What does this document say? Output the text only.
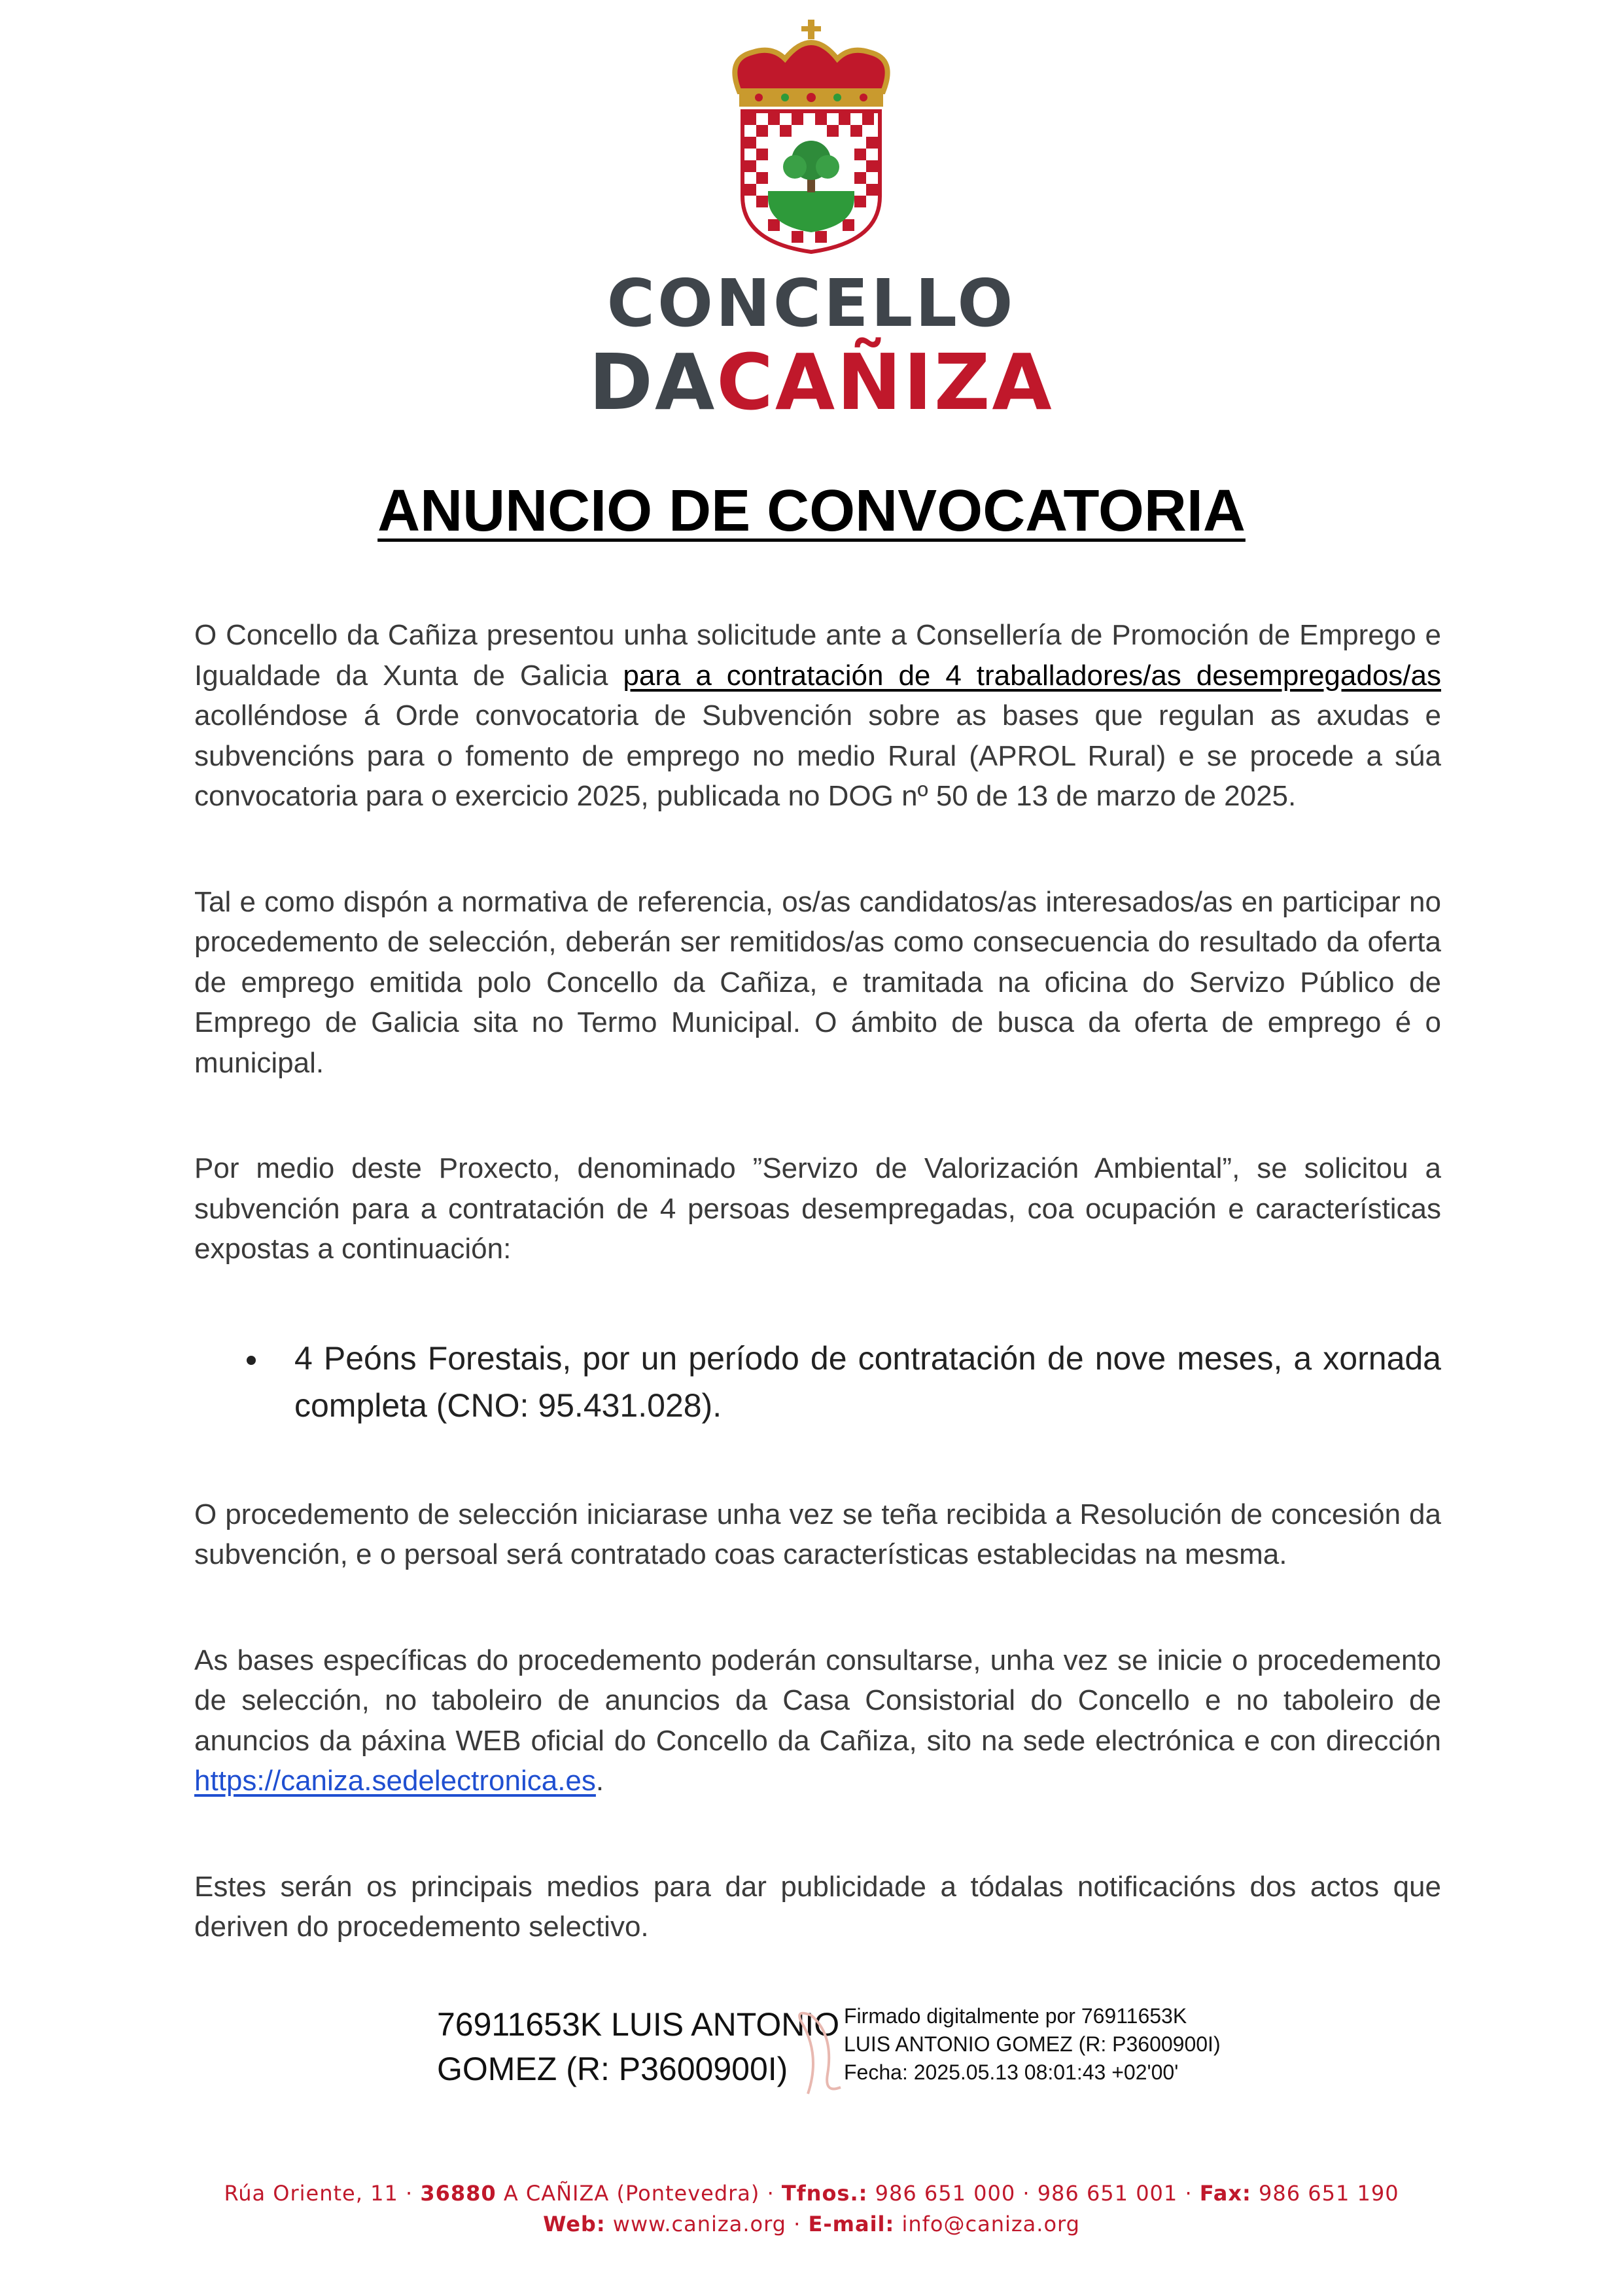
CONCELLO
DACAÑIZA
ANUNCIO DE CONVOCATORIA

O Concello da Cañiza presentou unha solicitude ante a Consellería de Promoción de Emprego e Igualdade da Xunta de Galicia para a contratación de 4 traballadores/as desempregados/as acolléndose á Orde convocatoria de Subvención sobre as bases que regulan as axudas e subvencións para o fomento de emprego no medio Rural (APROL Rural) e se procede a súa convocatoria para o exercicio 2025, publicada no DOG nº 50 de 13 de marzo de 2025.

Tal e como dispón a normativa de referencia, os/as candidatos/as interesados/as en participar no procedemento de selección, deberán ser remitidos/as como consecuencia do resultado da oferta de emprego emitida polo Concello da Cañiza, e tramitada na oficina do Servizo Público de Emprego de Galicia sita no Termo Municipal. O ámbito de busca da oferta de emprego é o municipal.

Por medio deste Proxecto, denominado ”Servizo de Valorización Ambiental”, se solicitou a subvención para a contratación de 4 persoas desempregadas, coa ocupación e características expostas a continuación:

4 Peóns Forestais, por un período de contratación de nove meses, a xornada completa (CNO: 95.431.028).

O procedemento de selección iniciarase unha vez se teña recibida a Resolución de concesión da subvención, e o persoal será contratado coas características establecidas na mesma.

As bases específicas do procedemento poderán consultarse, unha vez se inicie o procedemento de selección, no taboleiro de anuncios da Casa Consistorial do Concello e no taboleiro de anuncios da páxina WEB oficial do Concello da Cañiza, sito na sede electrónica e con dirección https://caniza.sedelectronica.es.

Estes serán os principais medios para dar publicidade a tódalas notificacións dos actos que deriven do procedemento selectivo.

76911653K LUIS ANTONIO
GOMEZ (R: P3600900I)
Firmado digitalmente por 76911653K
LUIS ANTONIO GOMEZ (R: P3600900I)
Fecha: 2025.05.13 08:01:43 +02'00'
Rúa Oriente, 11 · 36880 A CAÑIZA (Pontevedra) · Tfnos.: 986 651 000 · 986 651 001 · Fax: 986 651 190
Web: www.caniza.org · E-mail: info@caniza.org
